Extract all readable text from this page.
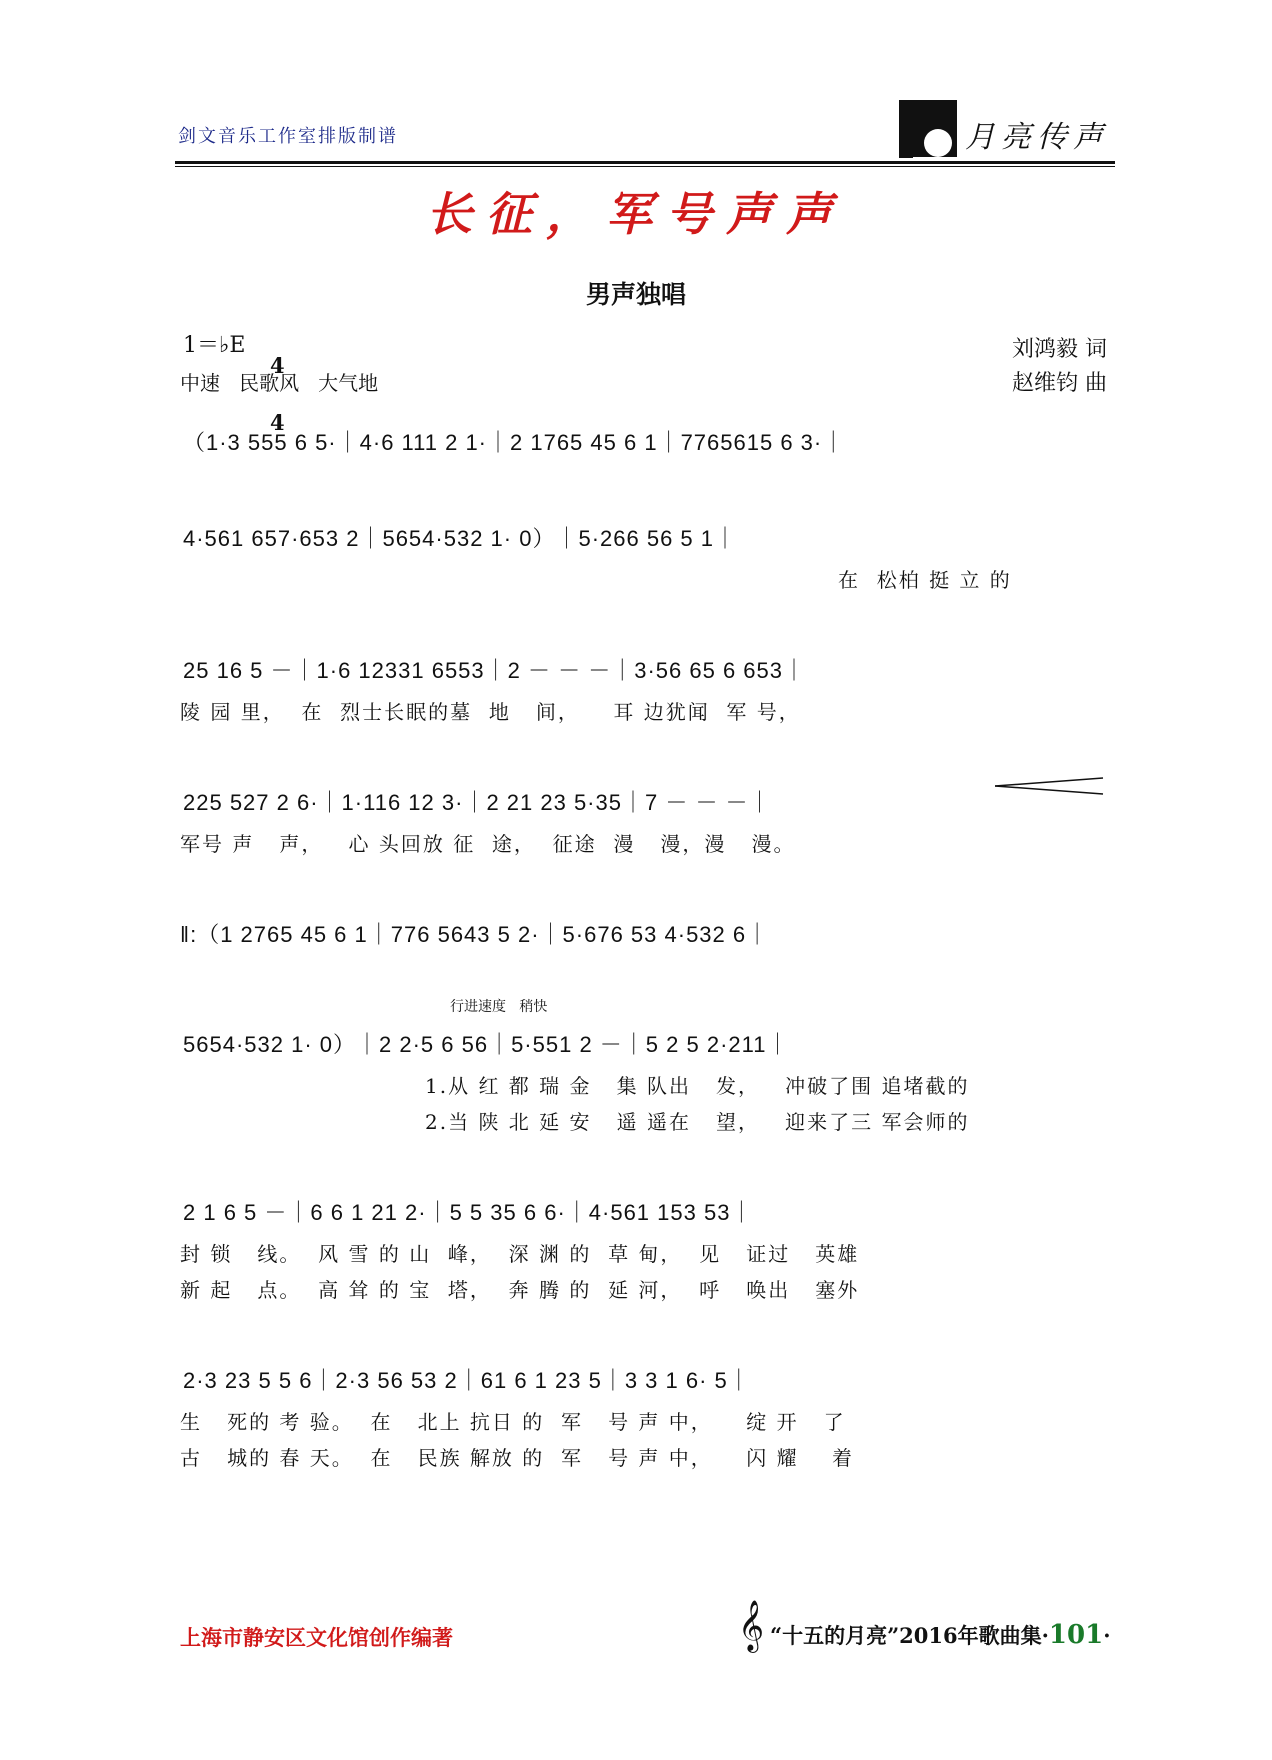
剑文音乐工作室排版制谱

	月亮传声
长征，军号声声
男声独唱
1＝♭E

4

4

中速   民歌风   大气地
刘鸿毅 词
赵维钧 曲
（1·3 555 6 5·｜4·6 111 2 1·｜2 1765 45 6 1｜7765615 6 3·｜
4·561 657·653 2｜5654·532 1· 0）｜5·266 56 5 1｜
在  松柏 挺 立 的
25 16 5 －｜1·6 12331 6553｜2 － － －｜3·56 65 6 653｜
陵 园 里，  在  烈士长眠的墓  地   间，    耳 边犹闻  军 号，
225 527 2 6·｜1·116 12 3·｜2 21 23 5·35｜7 － － －｜
军号 声   声，   心 头回放 征  途，  征途  漫   漫，漫   漫。

‖:（1 2765 45 6 1｜776 5643 5 2·｜5·676 53 4·532 6｜
行进速度   稍快
5654·532 1· 0）｜2 2·5 6 56｜5·551 2 －｜5 2 5 2·211｜
1.从 红 都 瑞 金   集 队出   发，   冲破了围 追堵截的
2.当 陕 北 延 安   遥 遥在   望，   迎来了三 军会师的
2 1 6 5 －｜6 6 1 21 2·｜5 5 35 6 6·｜4·561 153 53｜
封 锁   线。  风 雪 的 山  峰，  深 渊 的  草 甸，  见   证过   英雄
新 起   点。  高 耸 的 宝  塔，  奔 腾 的  延 河，  呼   唤出   塞外
2·3 23 5 5 6｜2·3 56 53 2｜61 6 1 23 5｜3 3 1 6· 5｜
生   死的 考 验。  在   北上 抗日 的  军   号 声 中，    绽 开   了
古   城的 春 天。  在   民族 解放 的  军   号 声 中，    闪 耀    着
上海市静安区文化馆创作编著	𝄞 “十五的月亮”2016年歌曲集·101·
